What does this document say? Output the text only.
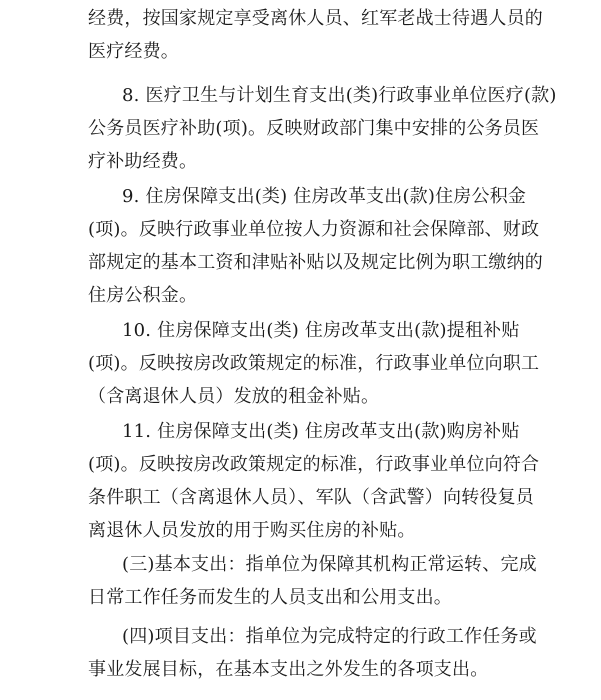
经费，按国家规定享受离休人员、红军老战士待遇人员的
医疗经费。

8. 医疗卫生与计划生育支出(类)行政事业单位医疗(款)
公务员医疗补助(项)。反映财政部门集中安排的公务员医
疗补助经费。

9. 住房保障支出(类) 住房改革支出(款)住房公积金
(项)。反映行政事业单位按人力资源和社会保障部、财政
部规定的基本工资和津贴补贴以及规定比例为职工缴纳的
住房公积金。

10. 住房保障支出(类) 住房改革支出(款)提租补贴
(项)。反映按房改政策规定的标准，行政事业单位向职工
（含离退休人员）发放的租金补贴。

11. 住房保障支出(类) 住房改革支出(款)购房补贴
(项)。反映按房改政策规定的标准，行政事业单位向符合
条件职工（含离退休人员）、军队（含武警）向转役复员
离退休人员发放的用于购买住房的补贴。

(三)基本支出：指单位为保障其机构正常运转、完成
日常工作任务而发生的人员支出和公用支出。

(四)项目支出：指单位为完成特定的行政工作任务或
事业发展目标，在基本支出之外发生的各项支出。
